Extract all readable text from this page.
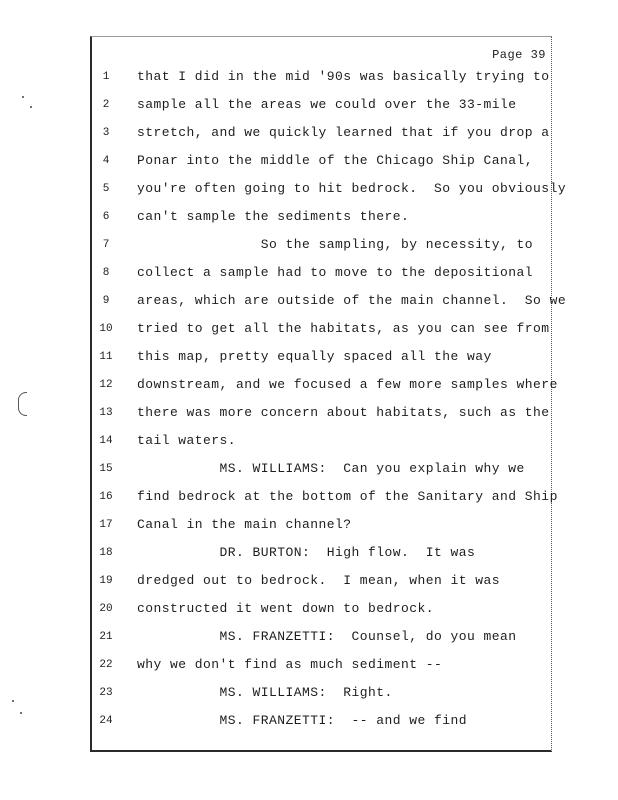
Page 39
1	that I did in the mid '90s was basically trying to
2	sample all the areas we could over the 33-mile
3	stretch, and we quickly learned that if you drop a
4	Ponar into the middle of the Chicago Ship Canal,
5	you're often going to hit bedrock.  So you obviously
6	can't sample the sediments there.
7	So the sampling, by necessity, to
8	collect a sample had to move to the depositional
9	areas, which are outside of the main channel.  So we
10	tried to get all the habitats, as you can see from
11	this map, pretty equally spaced all the way
12	downstream, and we focused a few more samples where
13	there was more concern about habitats, such as the
14	tail waters.
15	MS. WILLIAMS:  Can you explain why we
16	find bedrock at the bottom of the Sanitary and Ship
17	Canal in the main channel?
18	DR. BURTON:  High flow.  It was
19	dredged out to bedrock.  I mean, when it was
20	constructed it went down to bedrock.
21	MS. FRANZETTI:  Counsel, do you mean
22	why we don't find as much sediment --
23	MS. WILLIAMS:  Right.
24	MS. FRANZETTI:  -- and we find
